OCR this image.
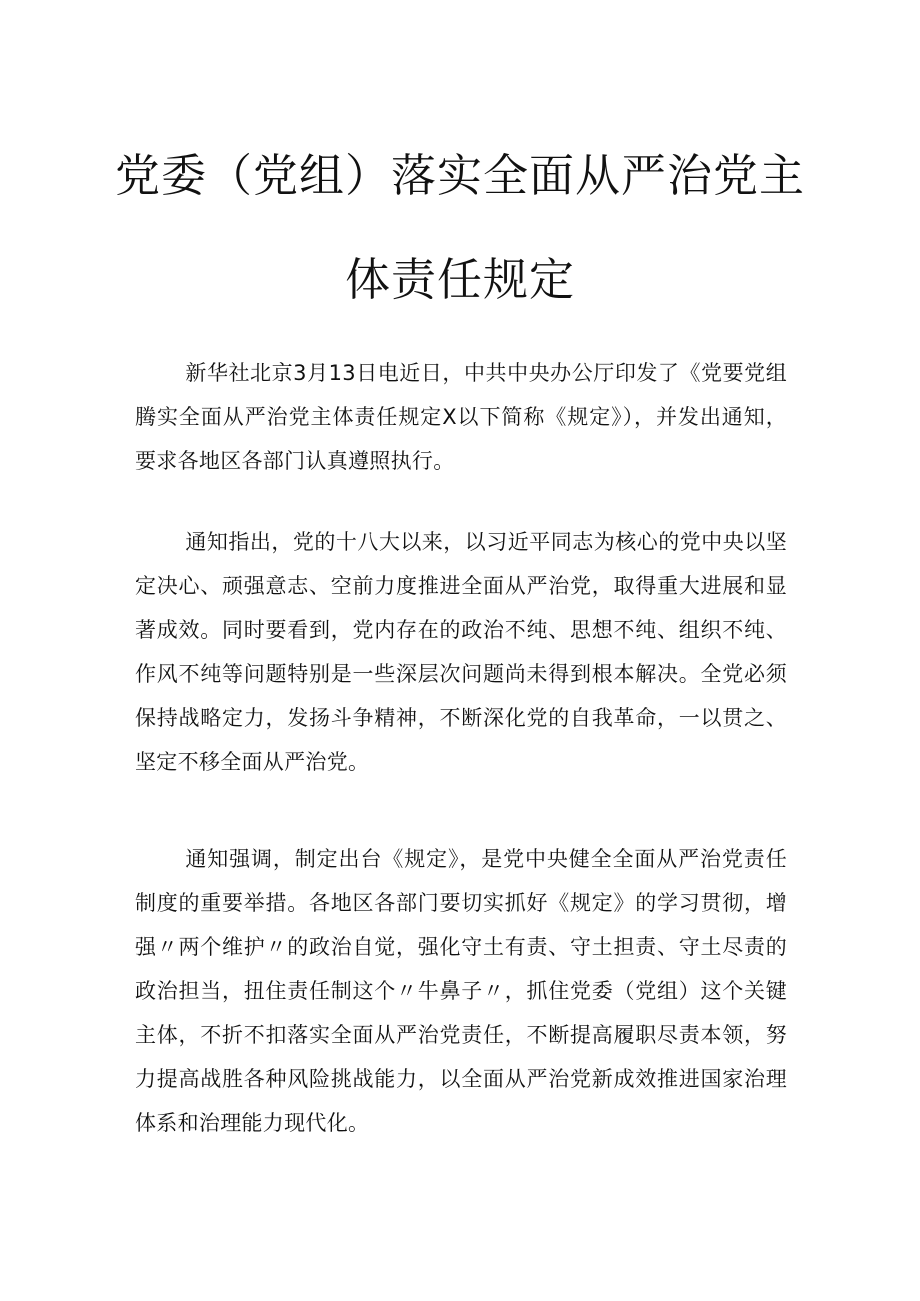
党委（党组）落实全面从严治党主
体责任规定

新华社北京3月13日电近日，中共中央办公厅印发了《党要党组腾实全面从严治党主体责任规定X以下简称《规定》），并发出通知，要求各地区各部门认真遵照执行。

通知指出，党的十八大以来，以习近平同志为核心的党中央以坚定决心、顽强意志、空前力度推进全面从严治党，取得重大进展和显著成效。同时要看到，党内存在的政治不纯、思想不纯、组织不纯、作风不纯等问题特别是一些深层次问题尚未得到根本解决。全党必须保持战略定力，发扬斗争精神，不断深化党的自我革命，一以贯之、坚定不移全面从严治党。

通知强调，制定出台《规定》，是党中央健全全面从严治党责任制度的重要举措。各地区各部门要切实抓好《规定》的学习贯彻，增强〃两个维护〃的政治自觉，强化守土有责、守土担责、守土尽责的政治担当，扭住责任制这个〃牛鼻子〃，抓住党委（党组）这个关键主体，不折不扣落实全面从严治党责任，不断提高履职尽责本领，努力提高战胜各种风险挑战能力，以全面从严治党新成效推进国家治理体系和治理能力现代化。
